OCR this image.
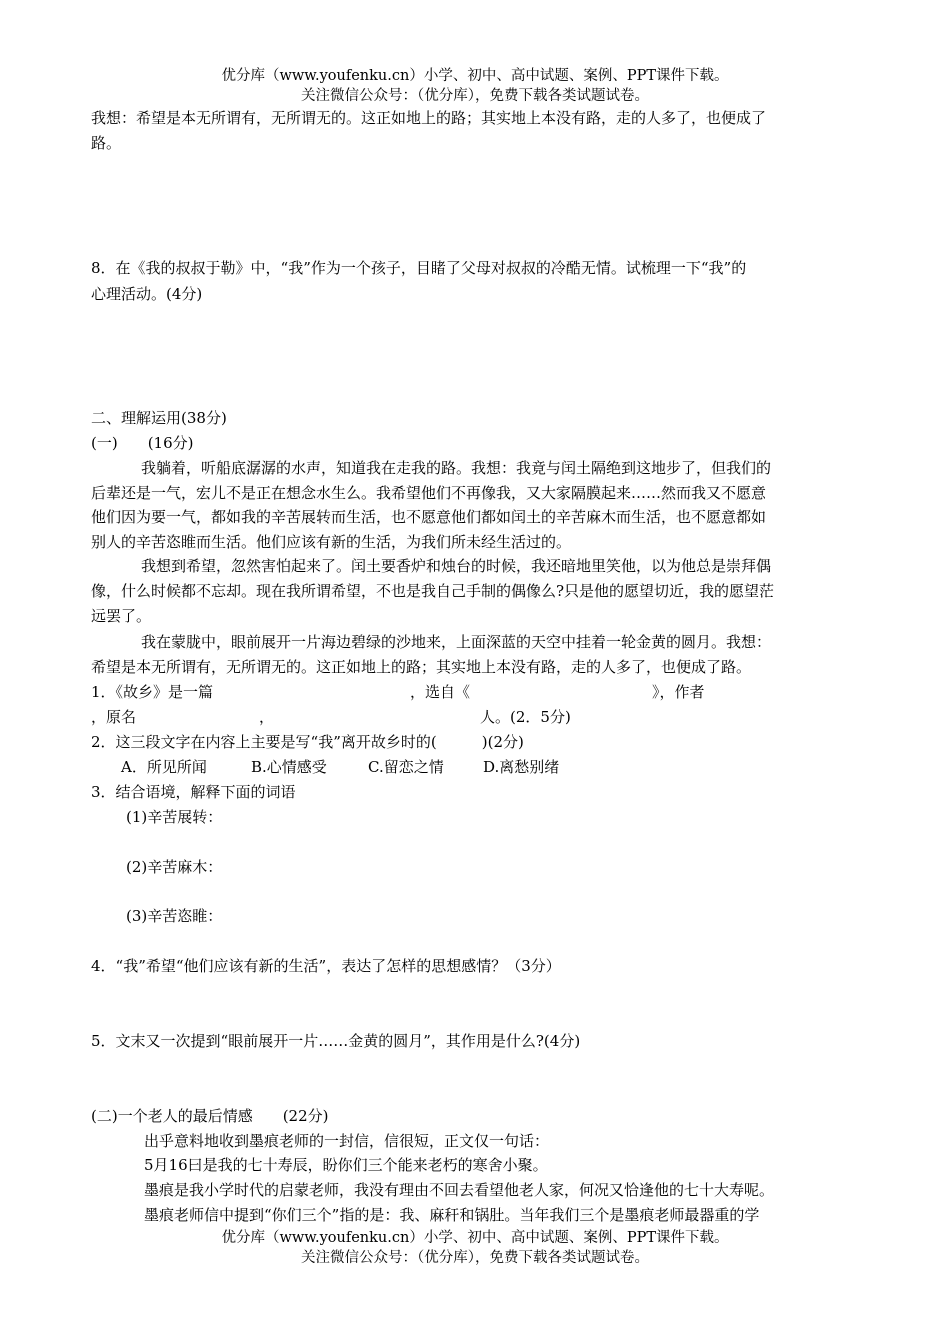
优分库（www.youfenku.cn）小学、初中、高中试题、案例、PPT课件下载。
关注微信公众号：（优分库），免费下载各类试题试卷。
我想：希望是本无所谓有，无所谓无的。这正如地上的路；其实地上本没有路，走的人多了，也便成了
路。
8．在《我的叔叔于勒》中，“我”作为一个孩子，目睹了父母对叔叔的冷酷无情。试梳理一下“我”的
心理活动。(4分)
二、理解运用(38分)
(一)　　(16分)
我躺着，听船底潺潺的水声，知道我在走我的路。我想：我竟与闰土隔绝到这地步了，但我们的
后辈还是一气，宏儿不是正在想念水生么。我希望他们不再像我，又大家隔膜起来……然而我又不愿意
他们因为要一气，都如我的辛苦展转而生活，也不愿意他们都如闰土的辛苦麻木而生活，也不愿意都如
别人的辛苦恣睢而生活。他们应该有新的生活，为我们所未经生活过的。
我想到希望，忽然害怕起来了。闰土要香炉和烛台的时候，我还暗地里笑他，以为他总是崇拜偶
像，什么时候都不忘却。现在我所谓希望，不也是我自己手制的偶像么?只是他的愿望切近，我的愿望茫
远罢了。
我在蒙胧中，眼前展开一片海边碧绿的沙地来，上面深蓝的天空中挂着一轮金黄的圆月。我想：
希望是本无所谓有，无所谓无的。这正如地上的路；其实地上本没有路，走的人多了，也便成了路。
1．《故乡》是一篇	，选自《	》，作者
，原名	，	人。(2．5分)
2．这三段文字在内容上主要是写“我”离开故乡时的(　　　)(2分)
A．所见所闻	B.心情感受	C.留恋之情	D.离愁别绪
3．结合语境，解释下面的词语
(1)辛苦展转：
(2)辛苦麻木：
(3)辛苦恣睢：
4．“我”希望“他们应该有新的生活”，表达了怎样的思想感情？（3分）
5．文末又一次提到“眼前展开一片……金黄的圆月”，其作用是什么?(4分)
(二)一个老人的最后情感　　(22分)
出乎意料地收到墨痕老师的一封信，信很短，正文仅一句话：
5月16曰是我的七十寿辰，盼你们三个能来老朽的寒舍小聚。
墨痕是我小学时代的启蒙老师，我没有理由不回去看望他老人家，何况又恰逢他的七十大寿呢。
墨痕老师信中提到“你们三个”指的是：我、麻秆和锅肚。当年我们三个是墨痕老师最器重的学
优分库（www.youfenku.cn）小学、初中、高中试题、案例、PPT课件下载。
关注微信公众号：（优分库），免费下载各类试题试卷。
